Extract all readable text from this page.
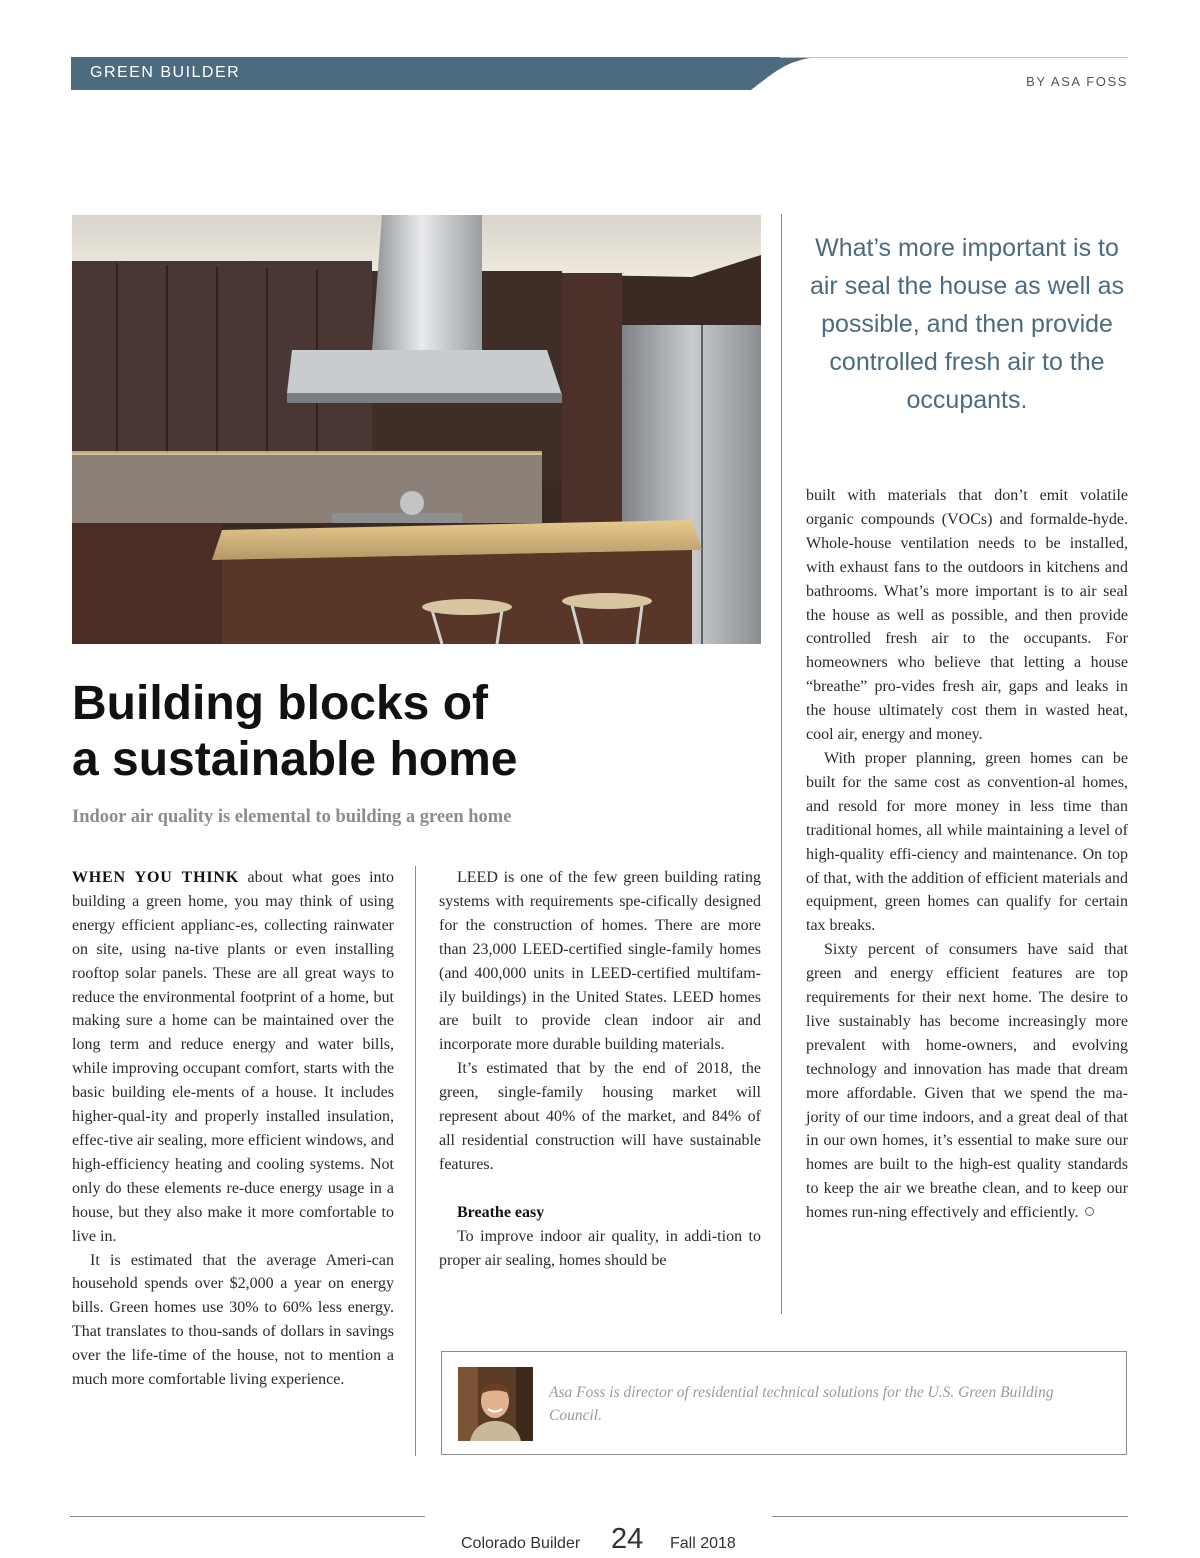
GREEN BUILDER
BY ASA FOSS
Building blocks of
a sustainable home
Indoor air quality is elemental to building a green home

What’s more important is to air seal the house as well as possible, and then provide controlled fresh air to the occupants.

WHEN YOU THINK about what goes into building a green home, you may think of using energy efficient applianc-es, collecting rainwater on site, using na-tive plants or even installing rooftop solar panels. These are all great ways to reduce the environmental footprint of a home, but making sure a home can be maintained over the long term and reduce energy and water bills, while improving occupant comfort, starts with the basic building ele-ments of a house. It includes higher-qual-ity and properly installed insulation, effec-tive air sealing, more efficient windows, and high-efficiency heating and cooling systems. Not only do these elements re-duce energy usage in a house, but they also make it more comfortable to live in.

It is estimated that the average Ameri-can household spends over $2,000 a year on energy bills. Green homes use 30% to 60% less energy. That translates to thou-sands of dollars in savings over the life-time of the house, not to mention a much more comfortable living experience.

LEED is one of the few green building rating systems with requirements spe-cifically designed for the construction of homes. There are more than 23,000 LEED-certified single-family homes (and 400,000 units in LEED-certified multifam-ily buildings) in the United States. LEED homes are built to provide clean indoor air and incorporate more durable building materials.

It’s estimated that by the end of 2018, the green, single-family housing market will represent about 40% of the market, and 84% of all residential construction will have sustainable features.

Breathe easy

To improve indoor air quality, in addi-tion to proper air sealing, homes should be

built with materials that don’t emit volatile organic compounds (VOCs) and formalde-hyde. Whole-house ventilation needs to be installed, with exhaust fans to the outdoors in kitchens and bathrooms. What’s more important is to air seal the house as well as possible, and then provide controlled fresh air to the occupants. For homeowners who believe that letting a house “breathe” pro-vides fresh air, gaps and leaks in the house ultimately cost them in wasted heat, cool air, energy and money.

With proper planning, green homes can be built for the same cost as convention-al homes, and resold for more money in less time than traditional homes, all while maintaining a level of high-quality effi-ciency and maintenance. On top of that, with the addition of efficient materials and equipment, green homes can qualify for certain tax breaks.

Sixty percent of consumers have said that green and energy efficient features are top requirements for their next home. The desire to live sustainably has become increasingly more prevalent with home-owners, and evolving technology and innovation has made that dream more affordable. Given that we spend the ma-jority of our time indoors, and a great deal of that in our own homes, it’s essential to make sure our homes are built to the high-est quality standards to keep the air we breathe clean, and to keep our homes run-ning effectively and efficiently.

Asa Foss is director of residential technical solutions for the U.S. Green Building Council.
Colorado Builder 24 Fall 2018
